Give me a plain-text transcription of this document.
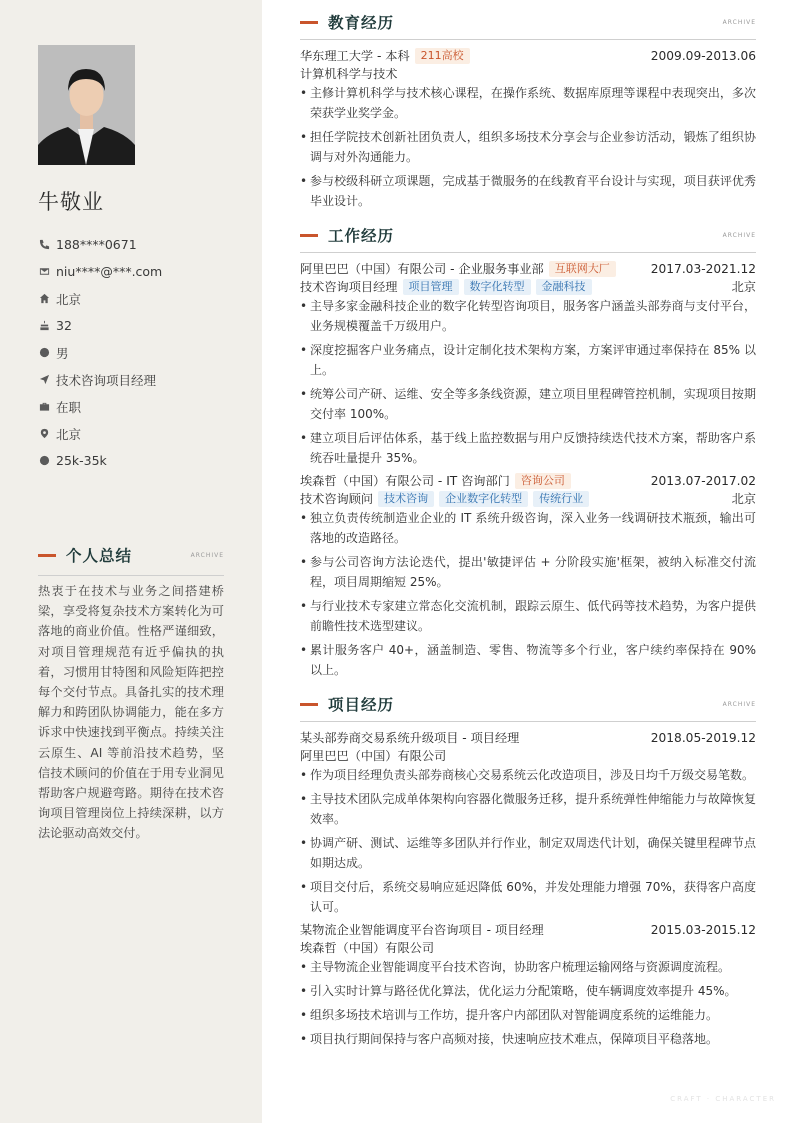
牛敬业
188****0671
niu****@***.com
北京
32
男
技术咨询项目经理
在职
北京
25k-35k
个人总结	ARCHIVE
热衷于在技术与业务之间搭建桥梁，享受将复杂技术方案转化为可落地的商业价值。性格严谨细致，对项目管理规范有近乎偏执的执着，习惯用甘特图和风险矩阵把控每个交付节点。具备扎实的技术理解力和跨团队协调能力，能在多方诉求中快速找到平衡点。持续关注云原生、AI 等前沿技术趋势，坚信技术顾问的价值在于用专业洞见帮助客户规避弯路。期待在技术咨询项目管理岗位上持续深耕，以方法论驱动高效交付。
教育经历	ARCHIVE
华东理工大学 - 本科	211高校	2009.09-2013.06
计算机科学与技术
• 主修计算机科学与技术核心课程，在操作系统、数据库原理等课程中表现突出，多次荣获学业奖学金。
• 担任学院技术创新社团负责人，组织多场技术分享会与企业参访活动，锻炼了组织协调与对外沟通能力。
• 参与校级科研立项课题，完成基于微服务的在线教育平台设计与实现，项目获评优秀毕业设计。
工作经历	ARCHIVE
阿里巴巴（中国）有限公司 - 企业服务事业部	互联网大厂	2017.03-2021.12
技术咨询项目经理	项目管理	数字化转型	金融科技	北京
• 主导多家金融科技企业的数字化转型咨询项目，服务客户涵盖头部券商与支付平台，业务规模覆盖千万级用户。
• 深度挖掘客户业务痛点，设计定制化技术架构方案，方案评审通过率保持在 85% 以上。
• 统筹公司产研、运维、安全等多条线资源，建立项目里程碑管控机制，实现项目按期交付率 100%。
• 建立项目后评估体系，基于线上监控数据与用户反馈持续迭代技术方案，帮助客户系统吞吐量提升 35%。
埃森哲（中国）有限公司 - IT 咨询部门	咨询公司	2013.07-2017.02
技术咨询顾问	技术咨询	企业数字化转型	传统行业	北京
• 独立负责传统制造业企业的 IT 系统升级咨询，深入业务一线调研技术瓶颈，输出可落地的改造路径。
• 参与公司咨询方法论迭代，提出'敏捷评估 + 分阶段实施'框架，被纳入标准交付流程，项目周期缩短 25%。
• 与行业技术专家建立常态化交流机制，跟踪云原生、低代码等技术趋势，为客户提供前瞻性技术选型建议。
• 累计服务客户 40+，涵盖制造、零售、物流等多个行业，客户续约率保持在 90% 以上。
项目经历	ARCHIVE
某头部券商交易系统升级项目 - 项目经理	2018.05-2019.12
阿里巴巴（中国）有限公司
• 作为项目经理负责头部券商核心交易系统云化改造项目，涉及日均千万级交易笔数。
• 主导技术团队完成单体架构向容器化微服务迁移，提升系统弹性伸缩能力与故障恢复效率。
• 协调产研、测试、运维等多团队并行作业，制定双周迭代计划，确保关键里程碑节点如期达成。
• 项目交付后，系统交易响应延迟降低 60%，并发处理能力增强 70%，获得客户高度认可。
某物流企业智能调度平台咨询项目 - 项目经理	2015.03-2015.12
埃森哲（中国）有限公司
• 主导物流企业智能调度平台技术咨询，协助客户梳理运输网络与资源调度流程。
• 引入实时计算与路径优化算法，优化运力分配策略，使车辆调度效率提升 45%。
• 组织多场技术培训与工作坊，提升客户内部团队对智能调度系统的运维能力。
• 项目执行期间保持与客户高频对接，快速响应技术难点，保障项目平稳落地。
CRAFT · CHARACTER
